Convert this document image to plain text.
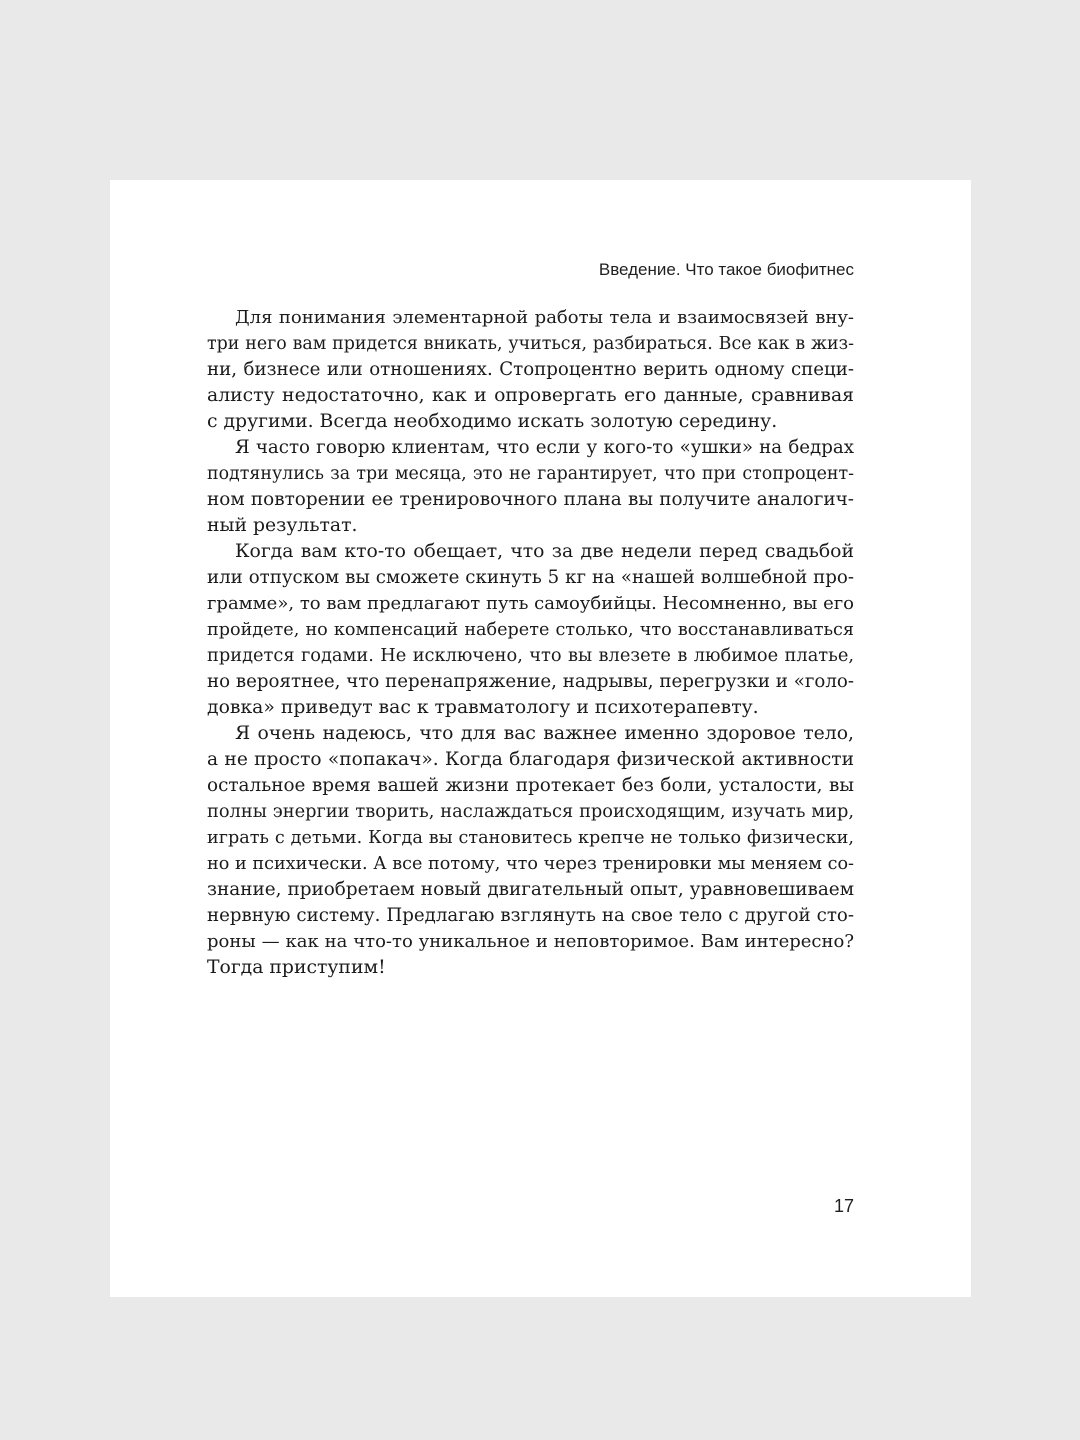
Введение. Что такое биофитнес
Для понимания элементарной работы тела и взаимосвязей вну-
три него вам придется вникать, учиться, разбираться. Все как в жиз-
ни, бизнесе или отношениях. Стопроцентно верить одному специ-
алисту недостаточно, как и опровергать его данные, сравнивая
с другими. Всегда необходимо искать золотую середину.
Я часто говорю клиентам, что если у кого-то «ушки» на бедрах
подтянулись за три месяца, это не гарантирует, что при стопроцент-
ном повторении ее тренировочного плана вы получите аналогич-
ный результат.
Когда вам кто-то обещает, что за две недели перед свадьбой
или отпуском вы сможете скинуть 5 кг на «нашей волшебной про-
грамме», то вам предлагают путь самоубийцы. Несомненно, вы его
пройдете, но компенсаций наберете столько, что восстанавливаться
придется годами. Не исключено, что вы влезете в любимое платье,
но вероятнее, что перенапряжение, надрывы, перегрузки и «голо-
довка» приведут вас к травматологу и психотерапевту.
Я очень надеюсь, что для вас важнее именно здоровое тело,
а не просто «попакач». Когда благодаря физической активности
остальное время вашей жизни протекает без боли, усталости, вы
полны энергии творить, наслаждаться происходящим, изучать мир,
играть с детьми. Когда вы становитесь крепче не только физически,
но и психически. А все потому, что через тренировки мы меняем со-
знание, приобретаем новый двигательный опыт, уравновешиваем
нервную систему. Предлагаю взглянуть на свое тело с другой сто-
роны — как на что-то уникальное и неповторимое. Вам интересно?
Тогда приступим!
17
